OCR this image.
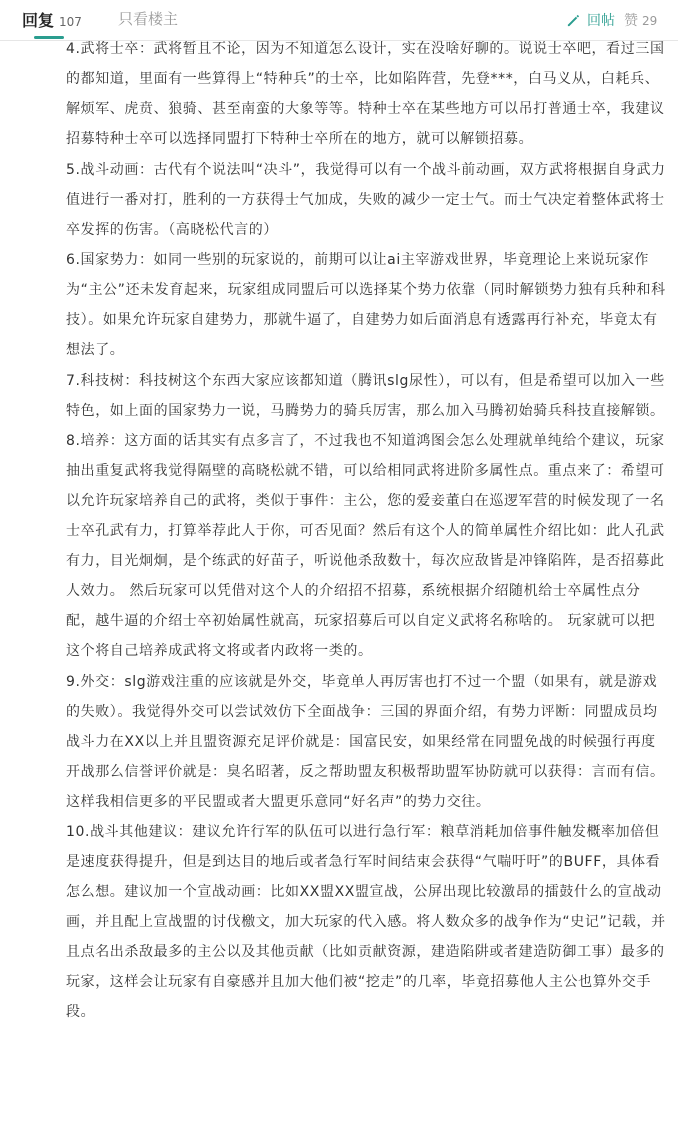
4.武将士卒：武将暂且不论，因为不知道怎么设计，实在没啥好聊的。说说士卒吧，看过三国的都知道，里面有一些算得上“特种兵”的士卒，比如陷阵营，先登***，白马义从，白耗兵、解烦军、虎贲、狼骑、甚至南蛮的大象等等。特种士卒在某些地方可以吊打普通士卒，我建议招募特种士卒可以选择同盟打下特种士卒所在的地方，就可以解锁招募。

5.战斗动画：古代有个说法叫“决斗”，我觉得可以有一个战斗前动画，双方武将根据自身武力值进行一番对打，胜利的一方获得士气加成，失败的减少一定士气。而士气决定着整体武将士卒发挥的伤害。（高晓松代言的）

6.国家势力：如同一些别的玩家说的，前期可以让ai主宰游戏世界，毕竟理论上来说玩家作为“主公”还未发育起来，玩家组成同盟后可以选择某个势力依靠（同时解锁势力独有兵种和科技）。如果允许玩家自建势力，那就牛逼了，自建势力如后面消息有透露再行补充，毕竟太有想法了。

7.科技树：科技树这个东西大家应该都知道（腾讯slg尿性），可以有，但是希望可以加入一些特色，如上面的国家势力一说，马腾势力的骑兵厉害，那么加入马腾初始骑兵科技直接解锁。

8.培养：这方面的话其实有点多言了，不过我也不知道鸿图会怎么处理就单纯给个建议，玩家抽出重复武将我觉得隔壁的高晓松就不错，可以给相同武将进阶多属性点。重点来了：希望可以允许玩家培养自己的武将，类似于事件：主公，您的爱妾董白在巡逻军营的时候发现了一名士卒孔武有力，打算举荐此人于你，可否见面？然后有这个人的简单属性介绍比如：此人孔武有力，目光炯炯，是个练武的好苗子，听说他杀敌数十，每次应敌皆是冲锋陷阵，是否招募此人效力。 然后玩家可以凭借对这个人的介绍招不招募，系统根据介绍随机给士卒属性点分配，越牛逼的介绍士卒初始属性就高，玩家招募后可以自定义武将名称啥的。 玩家就可以把这个将自己培养成武将文将或者内政将一类的。

9.外交：slg游戏注重的应该就是外交，毕竟单人再厉害也打不过一个盟（如果有，就是游戏的失败）。我觉得外交可以尝试效仿下全面战争：三国的界面介绍，有势力评断：同盟成员均战斗力在XX以上并且盟资源充足评价就是：国富民安，如果经常在同盟免战的时候强行再度开战那么信誉评价就是：臭名昭著，反之帮助盟友积极帮助盟军协防就可以获得：言而有信。这样我相信更多的平民盟或者大盟更乐意同“好名声”的势力交往。

10.战斗其他建议：建议允许行军的队伍可以进行急行军：粮草消耗加倍事件触发概率加倍但是速度获得提升，但是到达目的地后或者急行军时间结束会获得“气喘吁吁”的BUFF，具体看怎么想。建议加一个宣战动画：比如XX盟XX盟宣战，公屏出现比较激昂的擂鼓什么的宣战动画，并且配上宣战盟的讨伐檄文，加大玩家的代入感。将人数众多的战争作为“史记”记载，并且点名出杀敌最多的主公以及其他贡献（比如贡献资源，建造陷阱或者建造防御工事）最多的玩家，这样会让玩家有自豪感并且加大他们被“挖走”的几率，毕竟招募他人主公也算外交手段。

回复 107 只看楼主	回帖 赞 29
